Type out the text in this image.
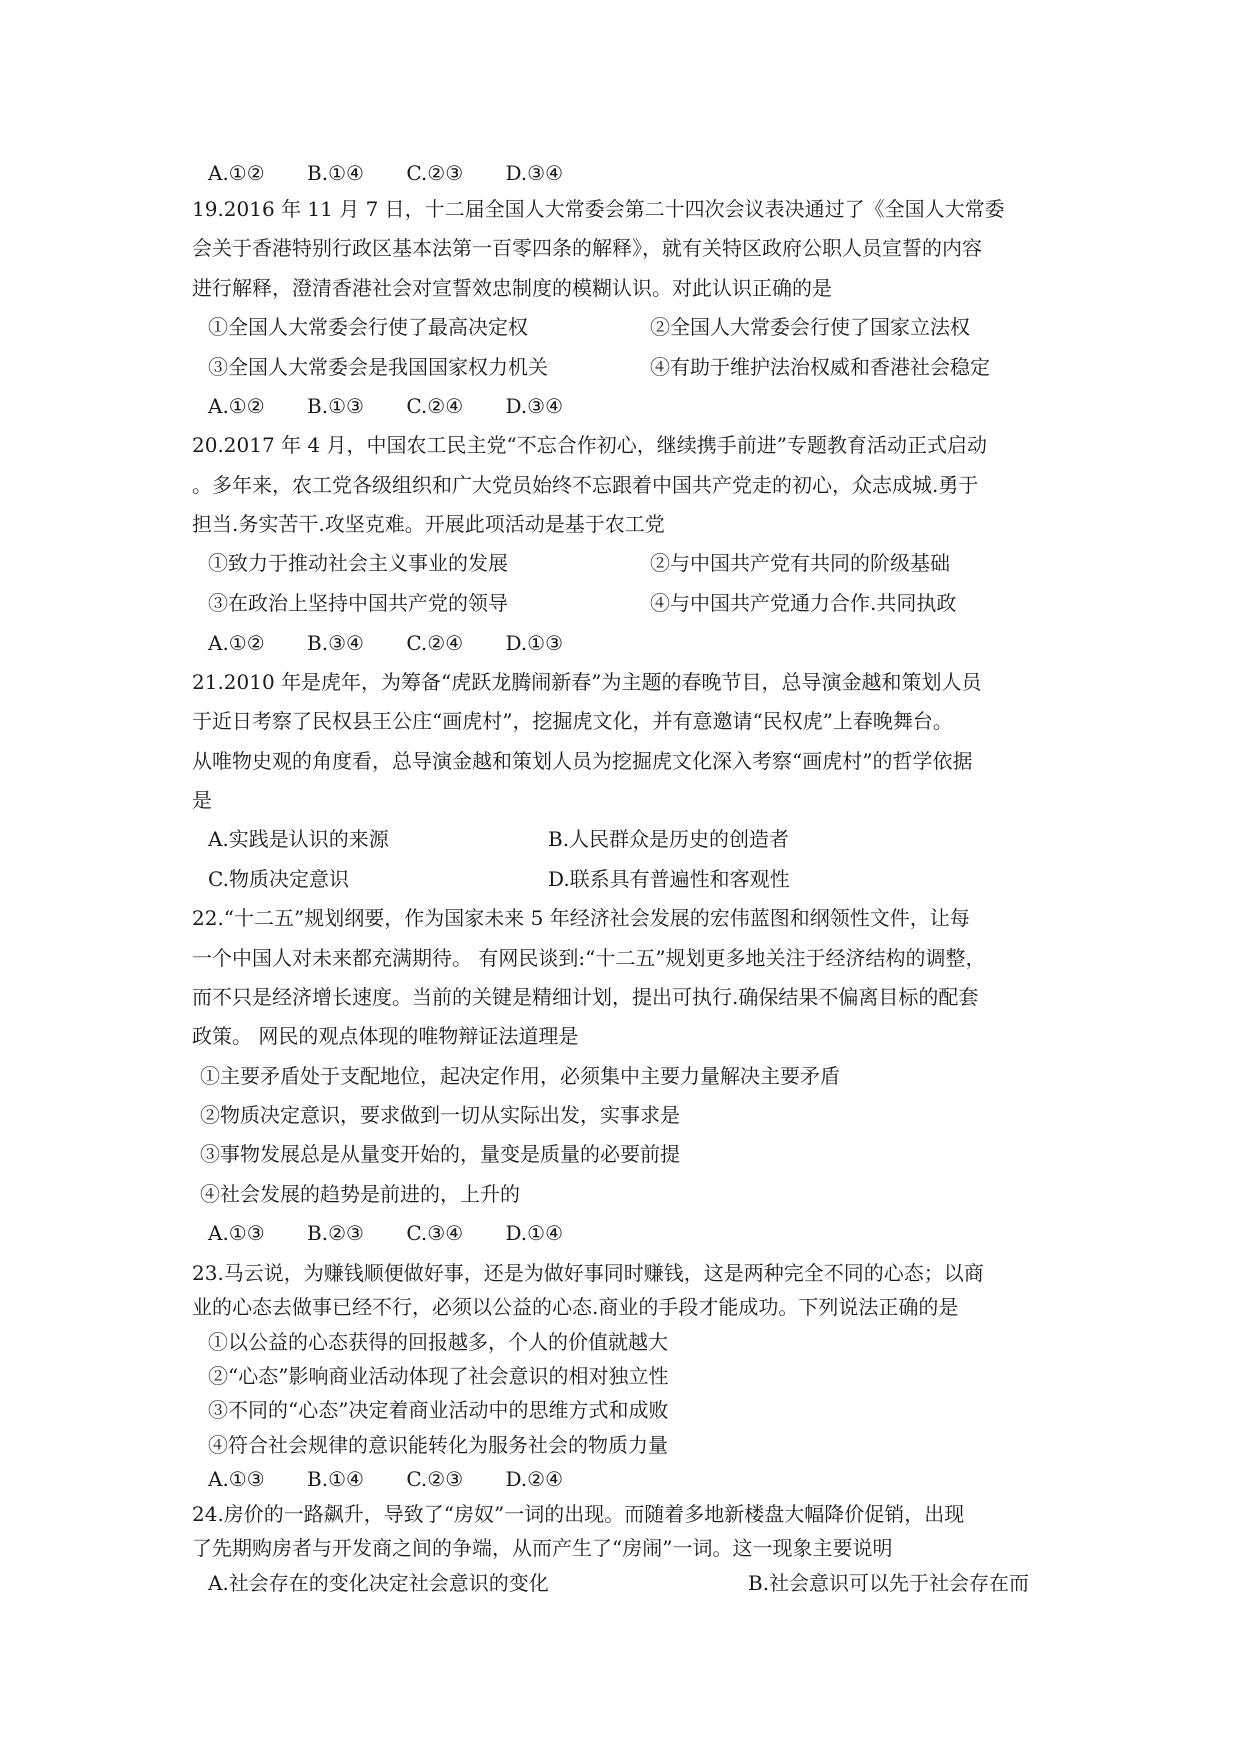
A.①② B.①④ C.②③ D.③④
19.2016 年 11 月 7 日，十二届全国人大常委会第二十四次会议表决通过了《全国人大常委
会关于香港特别行政区基本法第一百零四条的解释》，就有关特区政府公职人员宣誓的内容
进行解释，澄清香港社会对宣誓效忠制度的模糊认识。对此认识正确的是
①全国人大常委会行使了最高决定权	②全国人大常委会行使了国家立法权
③全国人大常委会是我国国家权力机关	④有助于维护法治权威和香港社会稳定
A.①② B.①③ C.②④ D.③④
20.2017 年 4 月，中国农工民主党“不忘合作初心，继续携手前进”专题教育活动正式启动
。多年来，农工党各级组织和广大党员始终不忘跟着中国共产党走的初心，众志成城.勇于
担当.务实苦干.攻坚克难。开展此项活动是基于农工党
①致力于推动社会主义事业的发展	②与中国共产党有共同的阶级基础
③在政治上坚持中国共产党的领导	④与中国共产党通力合作.共同执政
A.①② B.③④ C.②④ D.①③
21.2010 年是虎年，为筹备“虎跃龙腾闹新春”为主题的春晚节目，总导演金越和策划人员
于近日考察了民权县王公庄“画虎村”，挖掘虎文化，并有意邀请“民权虎”上春晚舞台。
从唯物史观的角度看，总导演金越和策划人员为挖掘虎文化深入考察“画虎村”的哲学依据
是
A.实践是认识的来源	B.人民群众是历史的创造者
C.物质决定意识	D.联系具有普遍性和客观性
22.“十二五”规划纲要，作为国家未来 5 年经济社会发展的宏伟蓝图和纲领性文件，让每
一个中国人对未来都充满期待。 有网民谈到:“十二五”规划更多地关注于经济结构的调整，
而不只是经济增长速度。当前的关键是精细计划，提出可执行.确保结果不偏离目标的配套
政策。 网民的观点体现的唯物辩证法道理是
①主要矛盾处于支配地位，起决定作用，必须集中主要力量解决主要矛盾
②物质决定意识，要求做到一切从实际出发，实事求是
③事物发展总是从量变开始的，量变是质量的必要前提
④社会发展的趋势是前进的，上升的
A.①③ B.②③ C.③④ D.①④
23.马云说，为赚钱顺便做好事，还是为做好事同时赚钱，这是两种完全不同的心态；以商
业的心态去做事已经不行，必须以公益的心态.商业的手段才能成功。下列说法正确的是
①以公益的心态获得的回报越多，个人的价值就越大
②“心态”影响商业活动体现了社会意识的相对独立性
③不同的“心态”决定着商业活动中的思维方式和成败
④符合社会规律的意识能转化为服务社会的物质力量
A.①③ B.①④ C.②③ D.②④
24.房价的一路飙升，导致了“房奴”一词的出现。而随着多地新楼盘大幅降价促销，出现
了先期购房者与开发商之间的争端，从而产生了“房闹”一词。这一现象主要说明
A.社会存在的变化决定社会意识的变化	B.社会意识可以先于社会存在而
